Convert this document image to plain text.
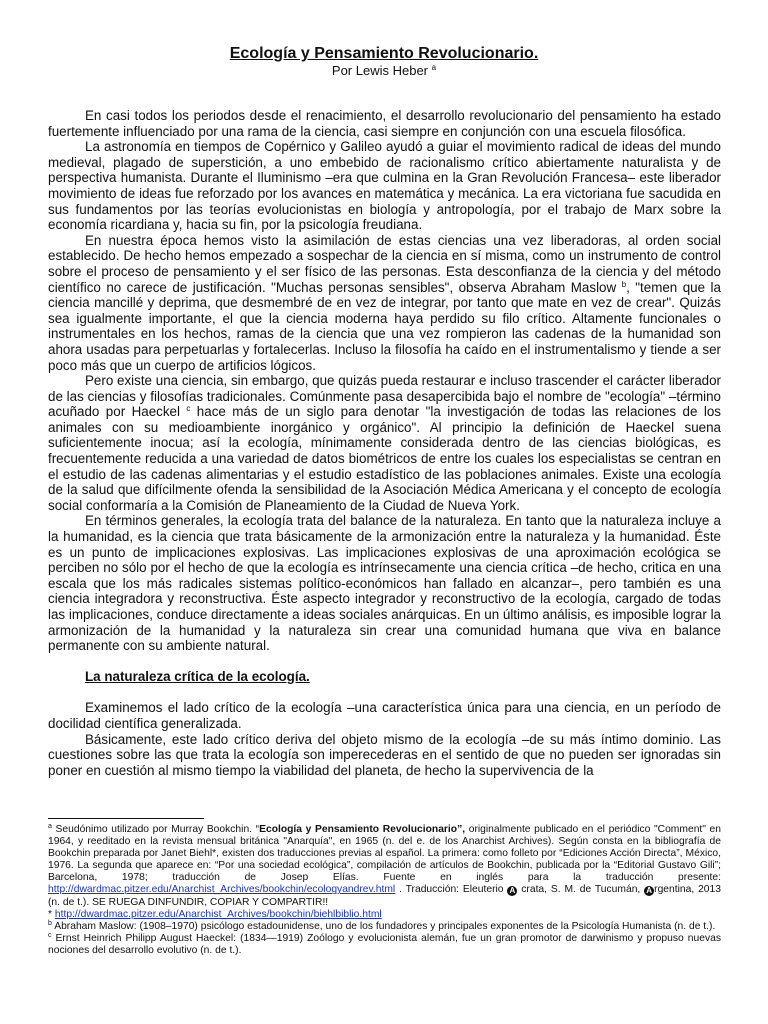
Ecología y Pensamiento Revolucionario.
Por Lewis Heber $^a$

En casi todos los periodos desde el renacimiento, el desarrollo revolucionario del pensamiento ha estado fuertemente influenciado por una rama de la ciencia, casi siempre en conjunción con una escuela filosófica.

La astronomía en tiempos de Copérnico y Galileo ayudó a guiar el movimiento radical de ideas del mundo medieval, plagado de superstición, a uno embebido de racionalismo crítico abiertamente naturalista y de perspectiva humanista. Durante el Iluminismo –era que culmina en la Gran Revolución Francesa– este liberador movimiento de ideas fue reforzado por los avances en matemática y mecánica. La era victoriana fue sacudida en sus fundamentos por las teorías evolucionistas en biología y antropología, por el trabajo de Marx sobre la economía ricardiana y, hacia su fin, por la psicología freudiana.

En nuestra época hemos visto la asimilación de estas ciencias una vez liberadoras, al orden social establecido. De hecho hemos empezado a sospechar de la ciencia en sí misma, como un instrumento de control sobre el proceso de pensamiento y el ser físico de las personas. Esta desconfianza de la ciencia y del método científico no carece de justificación. "Muchas personas sensibles", observa Abraham Maslow $^b$, "temen que la ciencia mancillé y deprima, que desmembré de en vez de integrar, por tanto que mate en vez de crear". Quizás sea igualmente importante, el que la ciencia moderna haya perdido su filo crítico. Altamente funcionales o instrumentales en los hechos, ramas de la ciencia que una vez rompieron las cadenas de la humanidad son ahora usadas para perpetuarlas y fortalecerlas. Incluso la filosofía ha caído en el instrumentalismo y tiende a ser poco más que un cuerpo de artificios lógicos.

Pero existe una ciencia, sin embargo, que quizás pueda restaurar e incluso trascender el carácter liberador de las ciencias y filosofías tradicionales. Comúnmente pasa desapercibida bajo el nombre de "ecología" –término acuñado por Haeckel $^c$ hace más de un siglo para denotar "la investigación de todas las relaciones de los animales con su medioambiente inorgánico y orgánico". Al principio la definición de Haeckel suena suficientemente inocua; así la ecología, mínimamente considerada dentro de las ciencias biológicas, es frecuentemente reducida a una variedad de datos biométricos de entre los cuales los especialistas se centran en el estudio de las cadenas alimentarias y el estudio estadístico de las poblaciones animales. Existe una ecología de la salud que difícilmente ofenda la sensibilidad de la Asociación Médica Americana y el concepto de ecología social conformaría a la Comisión de Planeamiento de la Ciudad de Nueva York.

En términos generales, la ecología trata del balance de la naturaleza. En tanto que la naturaleza incluye a la humanidad, es la ciencia que trata básicamente de la armonización entre la naturaleza y la humanidad. Éste es un punto de implicaciones explosivas. Las implicaciones explosivas de una aproximación ecológica se perciben no sólo por el hecho de que la ecología es intrínsecamente una ciencia crítica –de hecho, critica en una escala que los más radicales sistemas político-económicos han fallado en alcanzar–, pero también es una ciencia integradora y reconstructiva. Éste aspecto integrador y reconstructivo de la ecología, cargado de todas las implicaciones, conduce directamente a ideas sociales anárquicas. En un último análisis, es imposible lograr la armonización de la humanidad y la naturaleza sin crear una comunidad humana que viva en balance permanente con su ambiente natural.

La naturaleza crítica de la ecología.

Examinemos el lado crítico de la ecología –una característica única para una ciencia, en un período de docilidad científica generalizada.

Básicamente, este lado crítico deriva del objeto mismo de la ecología –de su más íntimo dominio. Las cuestiones sobre las que trata la ecología son imperecederas en el sentido de que no pueden ser ignoradas sin poner en cuestión al mismo tiempo la viabilidad del planeta, de hecho la supervivencia de la

$^a$ Seudónimo utilizado por Murray Bookchin. “Ecología y Pensamiento Revolucionario”, originalmente publicado en el periódico "Comment" en 1964, y reeditado en la revista mensual británica "Anarquía", en 1965 (n. del e. de los Anarchist Archives). Según consta en la bibliografía de Bookchin preparada por Janet Biehl*, existen dos traducciones previas al español. La primera: como folleto por “Ediciones Acción Directa”, México, 1976. La segunda que aparece en: “Por una sociedad ecológica”, compilación de artículos de Bookchin, publicada por la “Editorial Gustavo Gili”; Barcelona, 1978; traducción de Josep Elías. Fuente en inglés para la traducción presente: http://dwardmac.pitzer.edu/Anarchist_Archives/bookchin/ecologyandrev.html . Traducción: Eleuterio A crata, S. M. de Tucumán, A rgentina, 2013 (n. de t.). SE RUEGA DINFUNDIR, COPIAR Y COMPARTIR!!

* http://dwardmac.pitzer.edu/Anarchist_Archives/bookchin/biehlbiblio.html

$^b$ Abraham Maslow: (1908–1970) psicólogo estadounidense, uno de los fundadores y principales exponentes de la Psicología Humanista (n. de t.).

$^c$ Ernst Heinrich Philipp August Haeckel: (1834—1919) Zoólogo y evolucionista alemán, fue un gran promotor de darwinismo y propuso nuevas nociones del desarrollo evolutivo (n. de t.).
